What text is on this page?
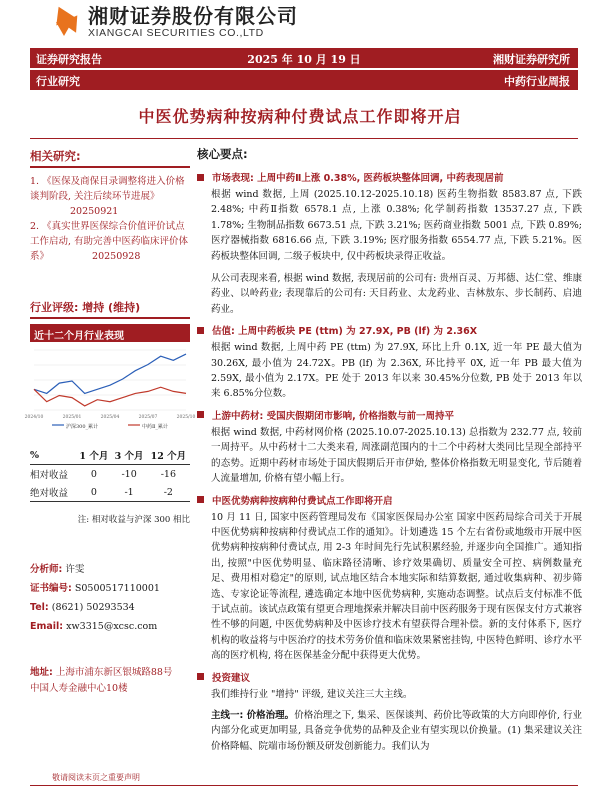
湘财证券股份有限公司
XIANGCAI SECURITIES CO.,LTD
证券研究报告	2025 年 10 月 19 日	湘财证券研究所
行业研究	中药行业周报
中医优势病种按病种付费试点工作即将开启
相关研究:
1. 《医保及商保目录调整将进入价格谈判阶段, 关注后续环节进展》 20250921
2. 《真实世界医保综合价值评价试点工作启动, 有助完善中医药临床评价体系》	20250928
行业评级: 增持 (维持)
近十二个月行业表现
2024/10	2025/01	2025/04	2025/07	2025/10
沪深300_累计	中药Ⅱ_累计
%	1 个月	3 个月	12 个月
相对收益	0	-10	-16
绝对收益	0	-1	-2
注: 相对收益与沪深 300 相比
分析师: 许雯
证书编号: S0500517110001
Tel: (8621) 50293534
Email: xw3315@xcsc.com
地址: 上海市浦东新区银城路88号
中国人寿金融中心10楼
核心要点:
市场表现: 上周中药Ⅱ上涨 0.38%, 医药板块整体回调, 中药表现居前
根据 wind 数据, 上周 (2025.10.12-2025.10.18) 医药生物指数 8583.87 点, 下跌 2.48%; 中药Ⅱ指数 6578.1 点, 上涨 0.38%; 化学制药指数 13537.27 点, 下跌 1.78%; 生物制品指数 6673.51 点, 下跌 3.21%; 医药商业指数 5001 点, 下跌 0.89%; 医疗器械指数 6816.66 点, 下跌 3.19%; 医疗服务指数 6554.77 点, 下跌 5.21%。医药板块整体回调, 二级子板块中, 仅中药板块录得正收益。
从公司表现来看, 根据 wind 数据, 表现居前的公司有: 贵州百灵、万邦德、达仁堂、维康药业、以岭药业; 表现靠后的公司有: 天目药业、太龙药业、吉林敖东、步长制药、启迪药业。
估值: 上周中药板块 PE (ttm) 为 27.9X, PB (lf) 为 2.36X
根据 wind 数据, 上周中药 PE (ttm) 为 27.9X, 环比上升 0.1X, 近一年 PE 最大值为 30.26X, 最小值为 24.72X。PB (lf) 为 2.36X, 环比持平 0X, 近一年 PB 最大值为 2.59X, 最小值为 2.17X。PE 处于 2013 年以来 30.45%分位数, PB 处于 2013 年以来 6.85%分位数。
上游中药材: 受国庆假期闭市影响, 价格指数与前一周持平
根据 wind 数据, 中药材网价格 (2025.10.07-2025.10.13) 总指数为 232.77 点, 较前一周持平。从中药材十二大类来看, 周涨副范围内的十二个中药材大类同比呈现全部持平的态势。近期中药材市场处于国庆假期后开市伊始, 整体价格指数无明显变化, 节后随着人流量增加, 价格有望小幅上行。
中医优势病种按病种付费试点工作即将开启
10 月 11 日, 国家中医药管理局发布《国家医保局办公室 国家中医药局综合司关于开展中医优势病种按病种付费试点工作的通知》。计划遴选 15 个左右省份或地级市开展中医优势病种按病种付费试点, 用 2-3 年时间先行先试积累经验, 并逐步向全国推广。通知指出, 按照"中医优势明显、临床路径清晰、诊疗效果确切、质量安全可控、病例数量充足、费用相对稳定"的原则, 试点地区结合本地实际和结算数据, 通过收集病种、初步筛选、专家论证等流程, 遴选确定本地中医优势病种, 实施动态调整。试点后支付标准不低于试点前。该试点政策有望更合理地探索并解决目前中医药服务于现有医保支付方式兼容性不够的问题, 中医优势病种及中医诊疗技术有望获得合理补偿。新的支付体系下, 医疗机构的收益将与中医治疗的技术劳务价值和临床效果紧密挂钩, 中医特色鲜明、诊疗水平高的医疗机构, 将在医保基金分配中获得更大优势。
投资建议
我们维持行业 "增持" 评级, 建议关注三大主线。
主线一: 价格治理。价格治理之下, 集采、医保谈判、药价比等政策的大方向即停价, 行业内部分化或更加明显, 具备竞争优势的品种及企业有望实现以价换量。(1) 集采建议关注价格降幅、院端市场份额及研发创新能力。我们认为
敬请阅读末页之重要声明
